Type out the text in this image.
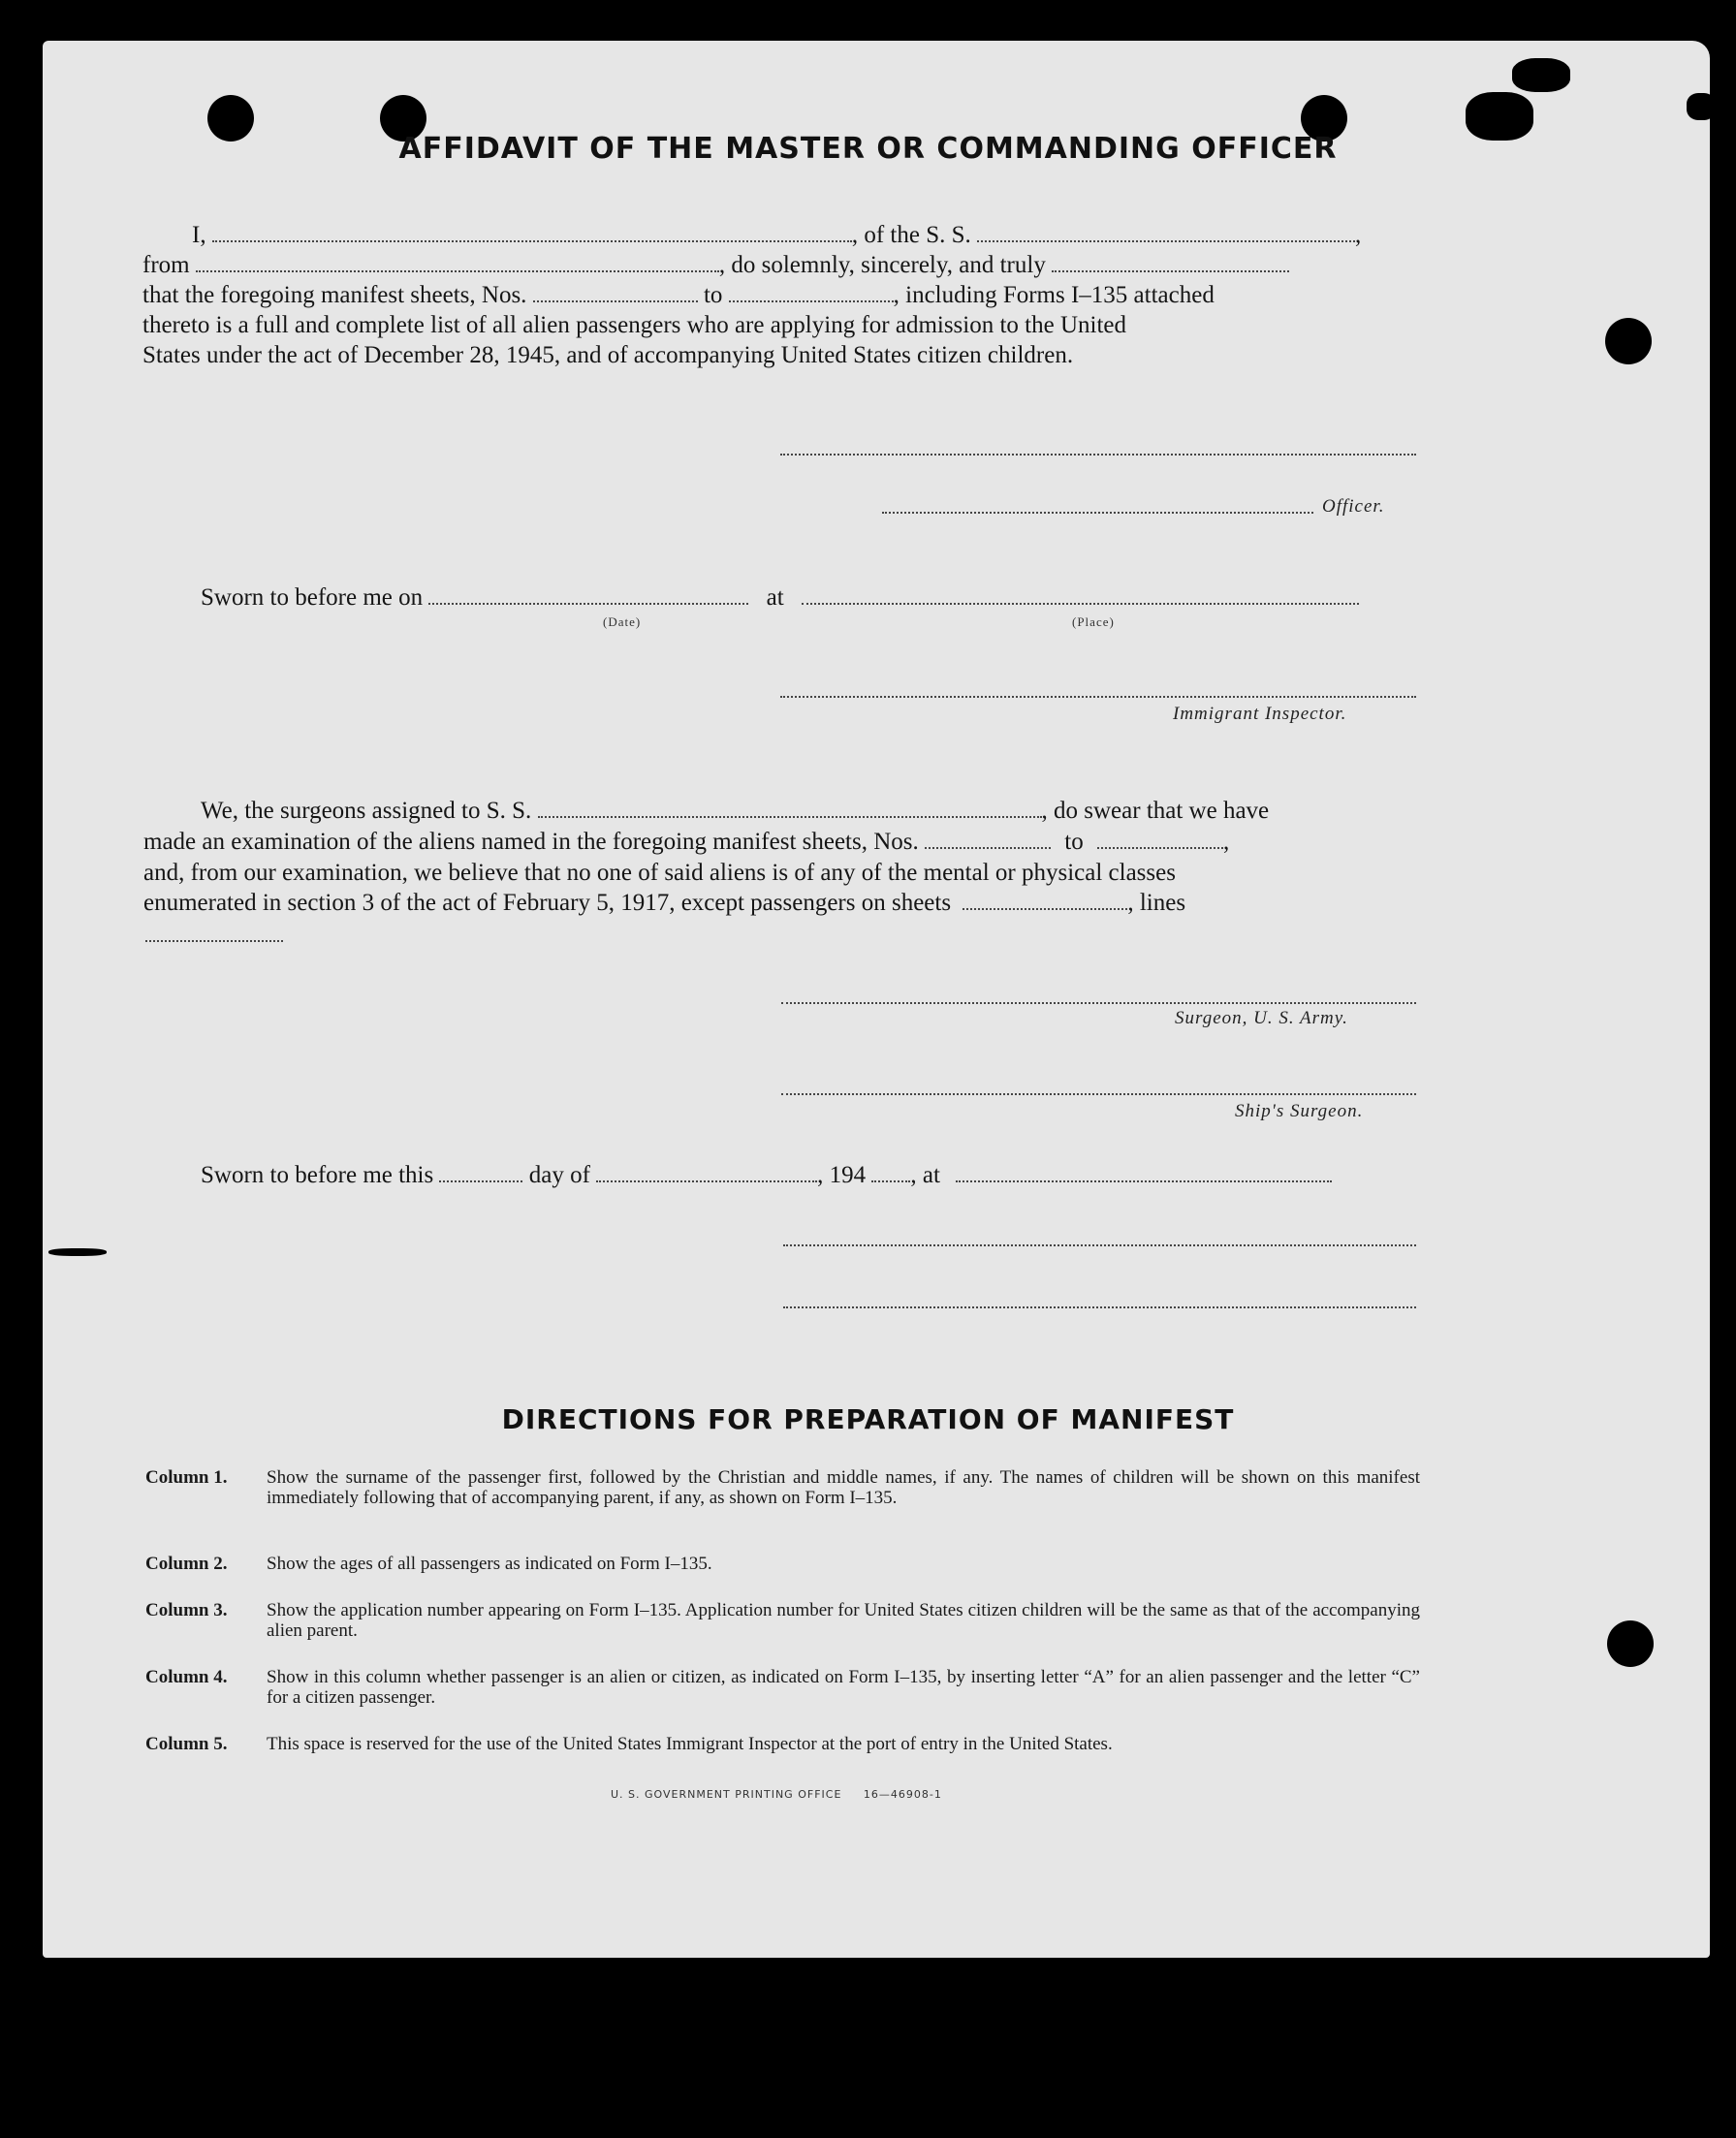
AFFIDAVIT OF THE MASTER OR COMMANDING OFFICER
I,	, of the S. S.	,
from	, do solemnly, sincerely, and truly
that the foregoing manifest sheets, Nos.	to	, including Forms I–135 attached
thereto is a full and complete list of all alien passengers who are applying for admission to the United
States under the act of December 28, 1945, and of accompanying United States citizen children.
Officer.
Sworn to before me on	at
(Date)	(Place)
Immigrant Inspector.
We, the surgeons assigned to S. S.	, do swear that we have
made an examination of the aliens named in the foregoing manifest sheets, Nos.	to	,
and, from our examination, we believe that no one of said aliens is of any of the mental or physical classes
enumerated in section 3 of the act of February 5, 1917, except passengers on sheets	, lines
Surgeon, U. S. Army.
Ship's Surgeon.
Sworn to before me this	day of	, 194 , at
DIRECTIONS FOR PREPARATION OF MANIFEST
Column 1.	Show the surname of the passenger first, followed by the Christian and middle names, if any. The names of children will be shown on this manifest immediately following that of accompanying parent, if any, as shown on Form I–135.
Column 2.	Show the ages of all passengers as indicated on Form I–135.
Column 3.	Show the application number appearing on Form I–135. Application number for United States citizen children will be the same as that of the accompanying alien parent.
Column 4.	Show in this column whether passenger is an alien or citizen, as indicated on Form I–135, by inserting letter “A” for an alien passenger and the letter “C” for a citizen passenger.
Column 5.	This space is reserved for the use of the United States Immigrant Inspector at the port of entry in the United States.
U. S. GOVERNMENT PRINTING OFFICE     16—46908-1
